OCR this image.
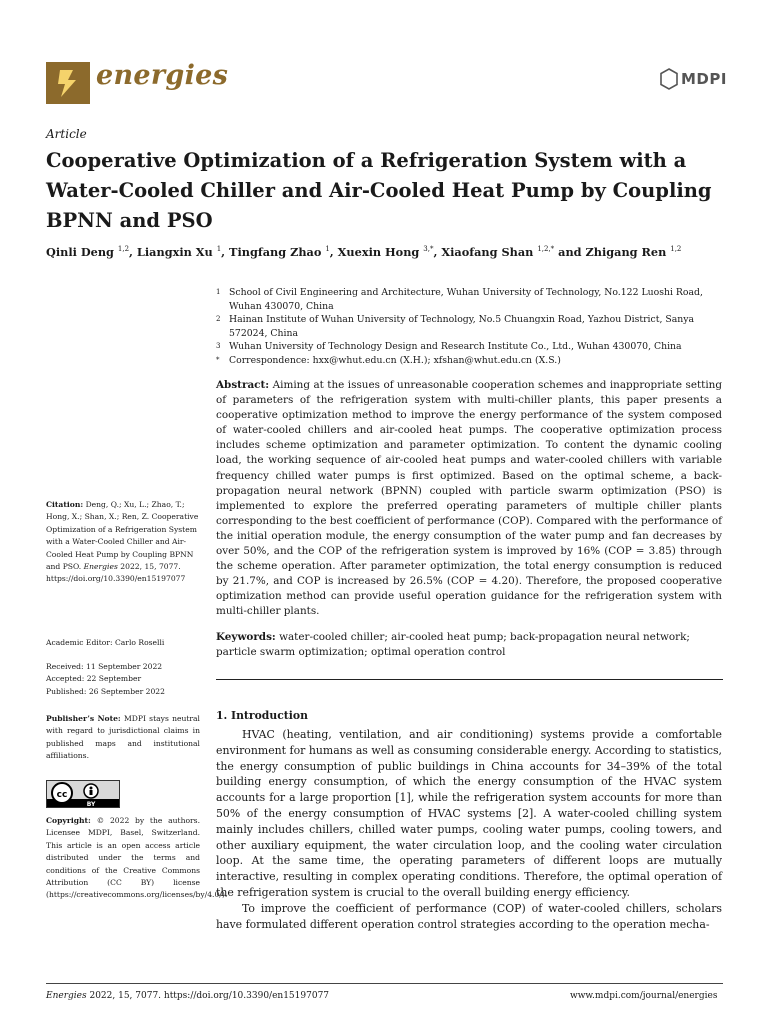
energies	MDPI
Article
Cooperative Optimization of a Refrigeration System with a Water-Cooled Chiller and Air-Cooled Heat Pump by Coupling BPNN and PSO
Qinli Deng $^{1,2}$, Liangxin Xu $^1$, Tingfang Zhao $^1$, Xuexin Hong $^{3,*}$, Xiaofang Shan $^{1,2,*}$ and Zhigang Ren $^{1,2}$
1 School of Civil Engineering and Architecture, Wuhan University of Technology, No.122 Luoshi Road, Wuhan 430070, China
2 Hainan Institute of Wuhan University of Technology, No.5 Chuangxin Road, Yazhou District, Sanya 572024, China
3 Wuhan University of Technology Design and Research Institute Co., Ltd., Wuhan 430070, China
* Correspondence: hxx@whut.edu.cn (X.H.); xfshan@whut.edu.cn (X.S.)
Abstract: Aiming at the issues of unreasonable cooperation schemes and inappropriate setting of parameters of the refrigeration system with multi-chiller plants, this paper presents a cooperative optimization method to improve the energy performance of the system composed of water-cooled chillers and air-cooled heat pumps. The cooperative optimization process includes scheme optimization and parameter optimization. To content the dynamic cooling load, the working sequence of air-cooled heat pumps and water-cooled chillers with variable frequency chilled water pumps is first optimized. Based on the optimal scheme, a back-propagation neural network (BPNN) coupled with particle swarm optimization (PSO) is implemented to explore the preferred operating parameters of multiple chiller plants corresponding to the best coefficient of performance (COP). Compared with the performance of the initial operation module, the energy consumption of the water pump and fan decreases by over 50%, and the COP of the refrigeration system is improved by 16% (COP = 3.85) through the scheme operation. After parameter optimization, the total energy consumption is reduced by 21.7%, and COP is increased by 26.5% (COP = 4.20). Therefore, the proposed cooperative optimization method can provide useful operation guidance for the refrigeration system with multi-chiller plants.
Keywords: water-cooled chiller; air-cooled heat pump; back-propagation neural network; particle swarm optimization; optimal operation control
1. Introduction

HVAC (heating, ventilation, and air conditioning) systems provide a comfortable environment for humans as well as consuming considerable energy. According to statistics, the energy consumption of public buildings in China accounts for 34–39% of the total building energy consumption, of which the energy consumption of the HVAC system accounts for a large proportion [1], while the refrigeration system accounts for more than 50% of the energy consumption of HVAC systems [2]. A water-cooled chilling system mainly includes chillers, chilled water pumps, cooling water pumps, cooling towers, and other auxiliary equipment, the water circulation loop, and the cooling water circulation loop. At the same time, the operating parameters of different loops are mutually interactive, resulting in complex operating conditions. Therefore, the optimal operation of the refrigeration system is crucial to the overall building energy efficiency.

To improve the coefficient of performance (COP) of water-cooled chillers, scholars have formulated different operation control strategies according to the operation mecha-

Citation: Deng, Q.; Xu, L.; Zhao, T.; Hong, X.; Shan, X.; Ren, Z. Cooperative Optimization of a Refrigeration System with a Water-Cooled Chiller and Air-Cooled Heat Pump by Coupling BPNN and PSO. Energies 2022, 15, 7077. https://doi.org/10.3390/en15197077

Academic Editor: Carlo Roselli

Received: 11 September 2022

Accepted: 22 September

Published: 26 September 2022

Publisher’s Note: MDPI stays neutral with regard to jurisdictional claims in published maps and institutional affiliations.

cc
BY

Copyright: © 2022 by the authors. Licensee MDPI, Basel, Switzerland. This article is an open access article distributed under the terms and conditions of the Creative Commons Attribution (CC BY) license (https://creativecommons.org/licenses/by/4.0/).

Energies 2022, 15, 7077. https://doi.org/10.3390/en15197077	www.mdpi.com/journal/energies
